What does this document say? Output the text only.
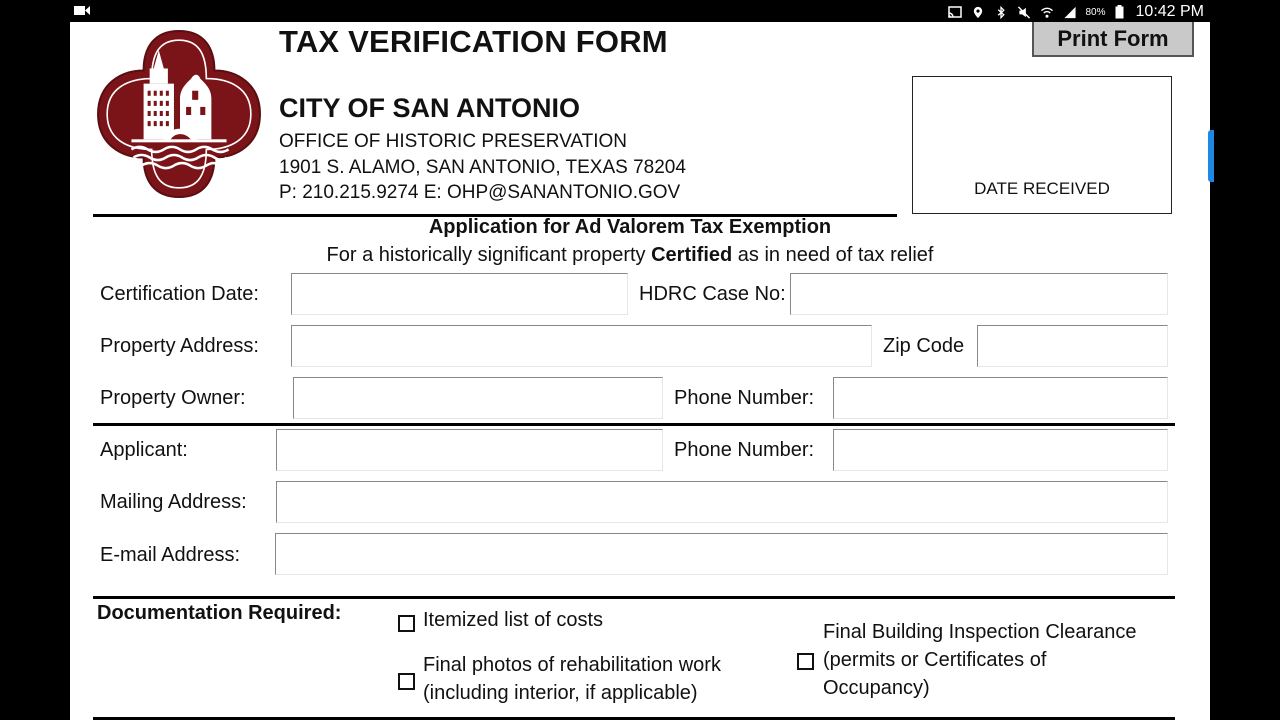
80% 10:42 PM
TAX VERIFICATION FORM
CITY OF SAN ANTONIO
OFFICE OF HISTORIC PRESERVATION
1901 S. ALAMO, SAN ANTONIO, TEXAS 78204
P: 210.215.9274 E: OHP@SANANTONIO.GOV
Print Form
DATE RECEIVED
Application for Ad Valorem Tax Exemption
For a historically significant property Certified as in need of tax relief
Certification Date:	HDRC Case No:
Property Address:	Zip Code
Property Owner:	Phone Number:
Applicant:	Phone Number:
Mailing Address:
E-mail Address:
Documentation Required:	Itemized list of costs
Final photos of rehabilitation work
(including interior, if applicable)
Final Building Inspection Clearance
(permits or Certificates of
Occupancy)
